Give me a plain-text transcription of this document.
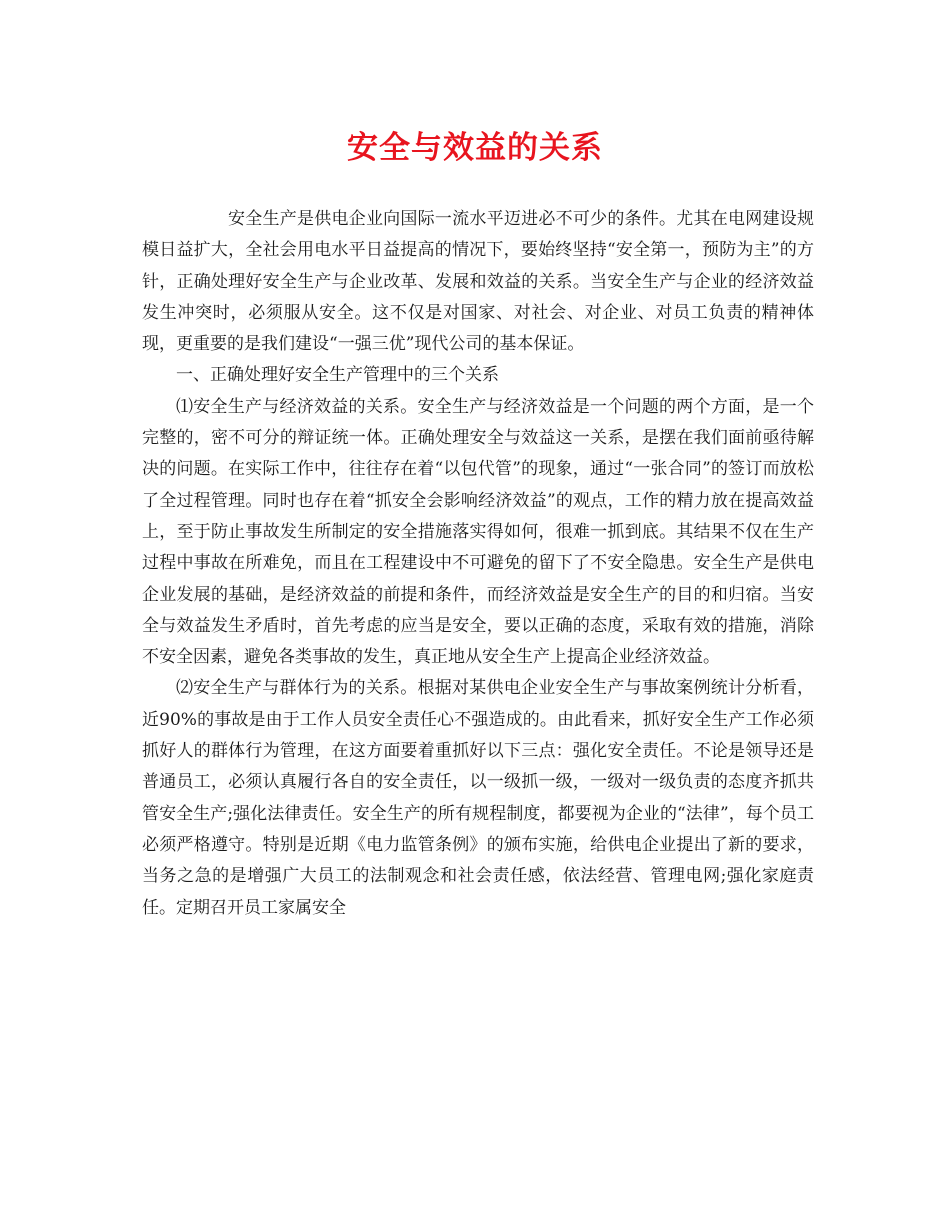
安全与效益的关系

安全生产是供电企业向国际一流水平迈进必不可少的条件。尤其在电网建设规模日益扩大，全社会用电水平日益提高的情况下，要始终坚持“安全第一，预防为主”的方针，正确处理好安全生产与企业改革、发展和效益的关系。当安全生产与企业的经济效益发生冲突时，必须服从安全。这不仅是对国家、对社会、对企业、对员工负责的精神体现，更重要的是我们建设“一强三优”现代公司的基本保证。

一、正确处理好安全生产管理中的三个关系

⑴安全生产与经济效益的关系。安全生产与经济效益是一个问题的两个方面，是一个完整的，密不可分的辩证统一体。正确处理安全与效益这一关系，是摆在我们面前亟待解决的问题。在实际工作中，往往存在着“以包代管”的现象，通过“一张合同”的签订而放松了全过程管理。同时也存在着“抓安全会影响经济效益”的观点，工作的精力放在提高效益上，至于防止事故发生所制定的安全措施落实得如何，很难一抓到底。其结果不仅在生产过程中事故在所难免，而且在工程建设中不可避免的留下了不安全隐患。安全生产是供电企业发展的基础，是经济效益的前提和条件，而经济效益是安全生产的目的和归宿。当安全与效益发生矛盾时，首先考虑的应当是安全，要以正确的态度，采取有效的措施，消除不安全因素，避免各类事故的发生，真正地从安全生产上提高企业经济效益。

⑵安全生产与群体行为的关系。根据对某供电企业安全生产与事故案例统计分析看，近90%的事故是由于工作人员安全责任心不强造成的。由此看来，抓好安全生产工作必须抓好人的群体行为管理，在这方面要着重抓好以下三点：强化安全责任。不论是领导还是普通员工，必须认真履行各自的安全责任，以一级抓一级，一级对一级负责的态度齐抓共管安全生产;强化法律责任。安全生产的所有规程制度，都要视为企业的“法律”，每个员工必须严格遵守。特别是近期《电力监管条例》的颁布实施，给供电企业提出了新的要求，当务之急的是增强广大员工的法制观念和社会责任感，依法经营、管理电网;强化家庭责任。定期召开员工家属安全
